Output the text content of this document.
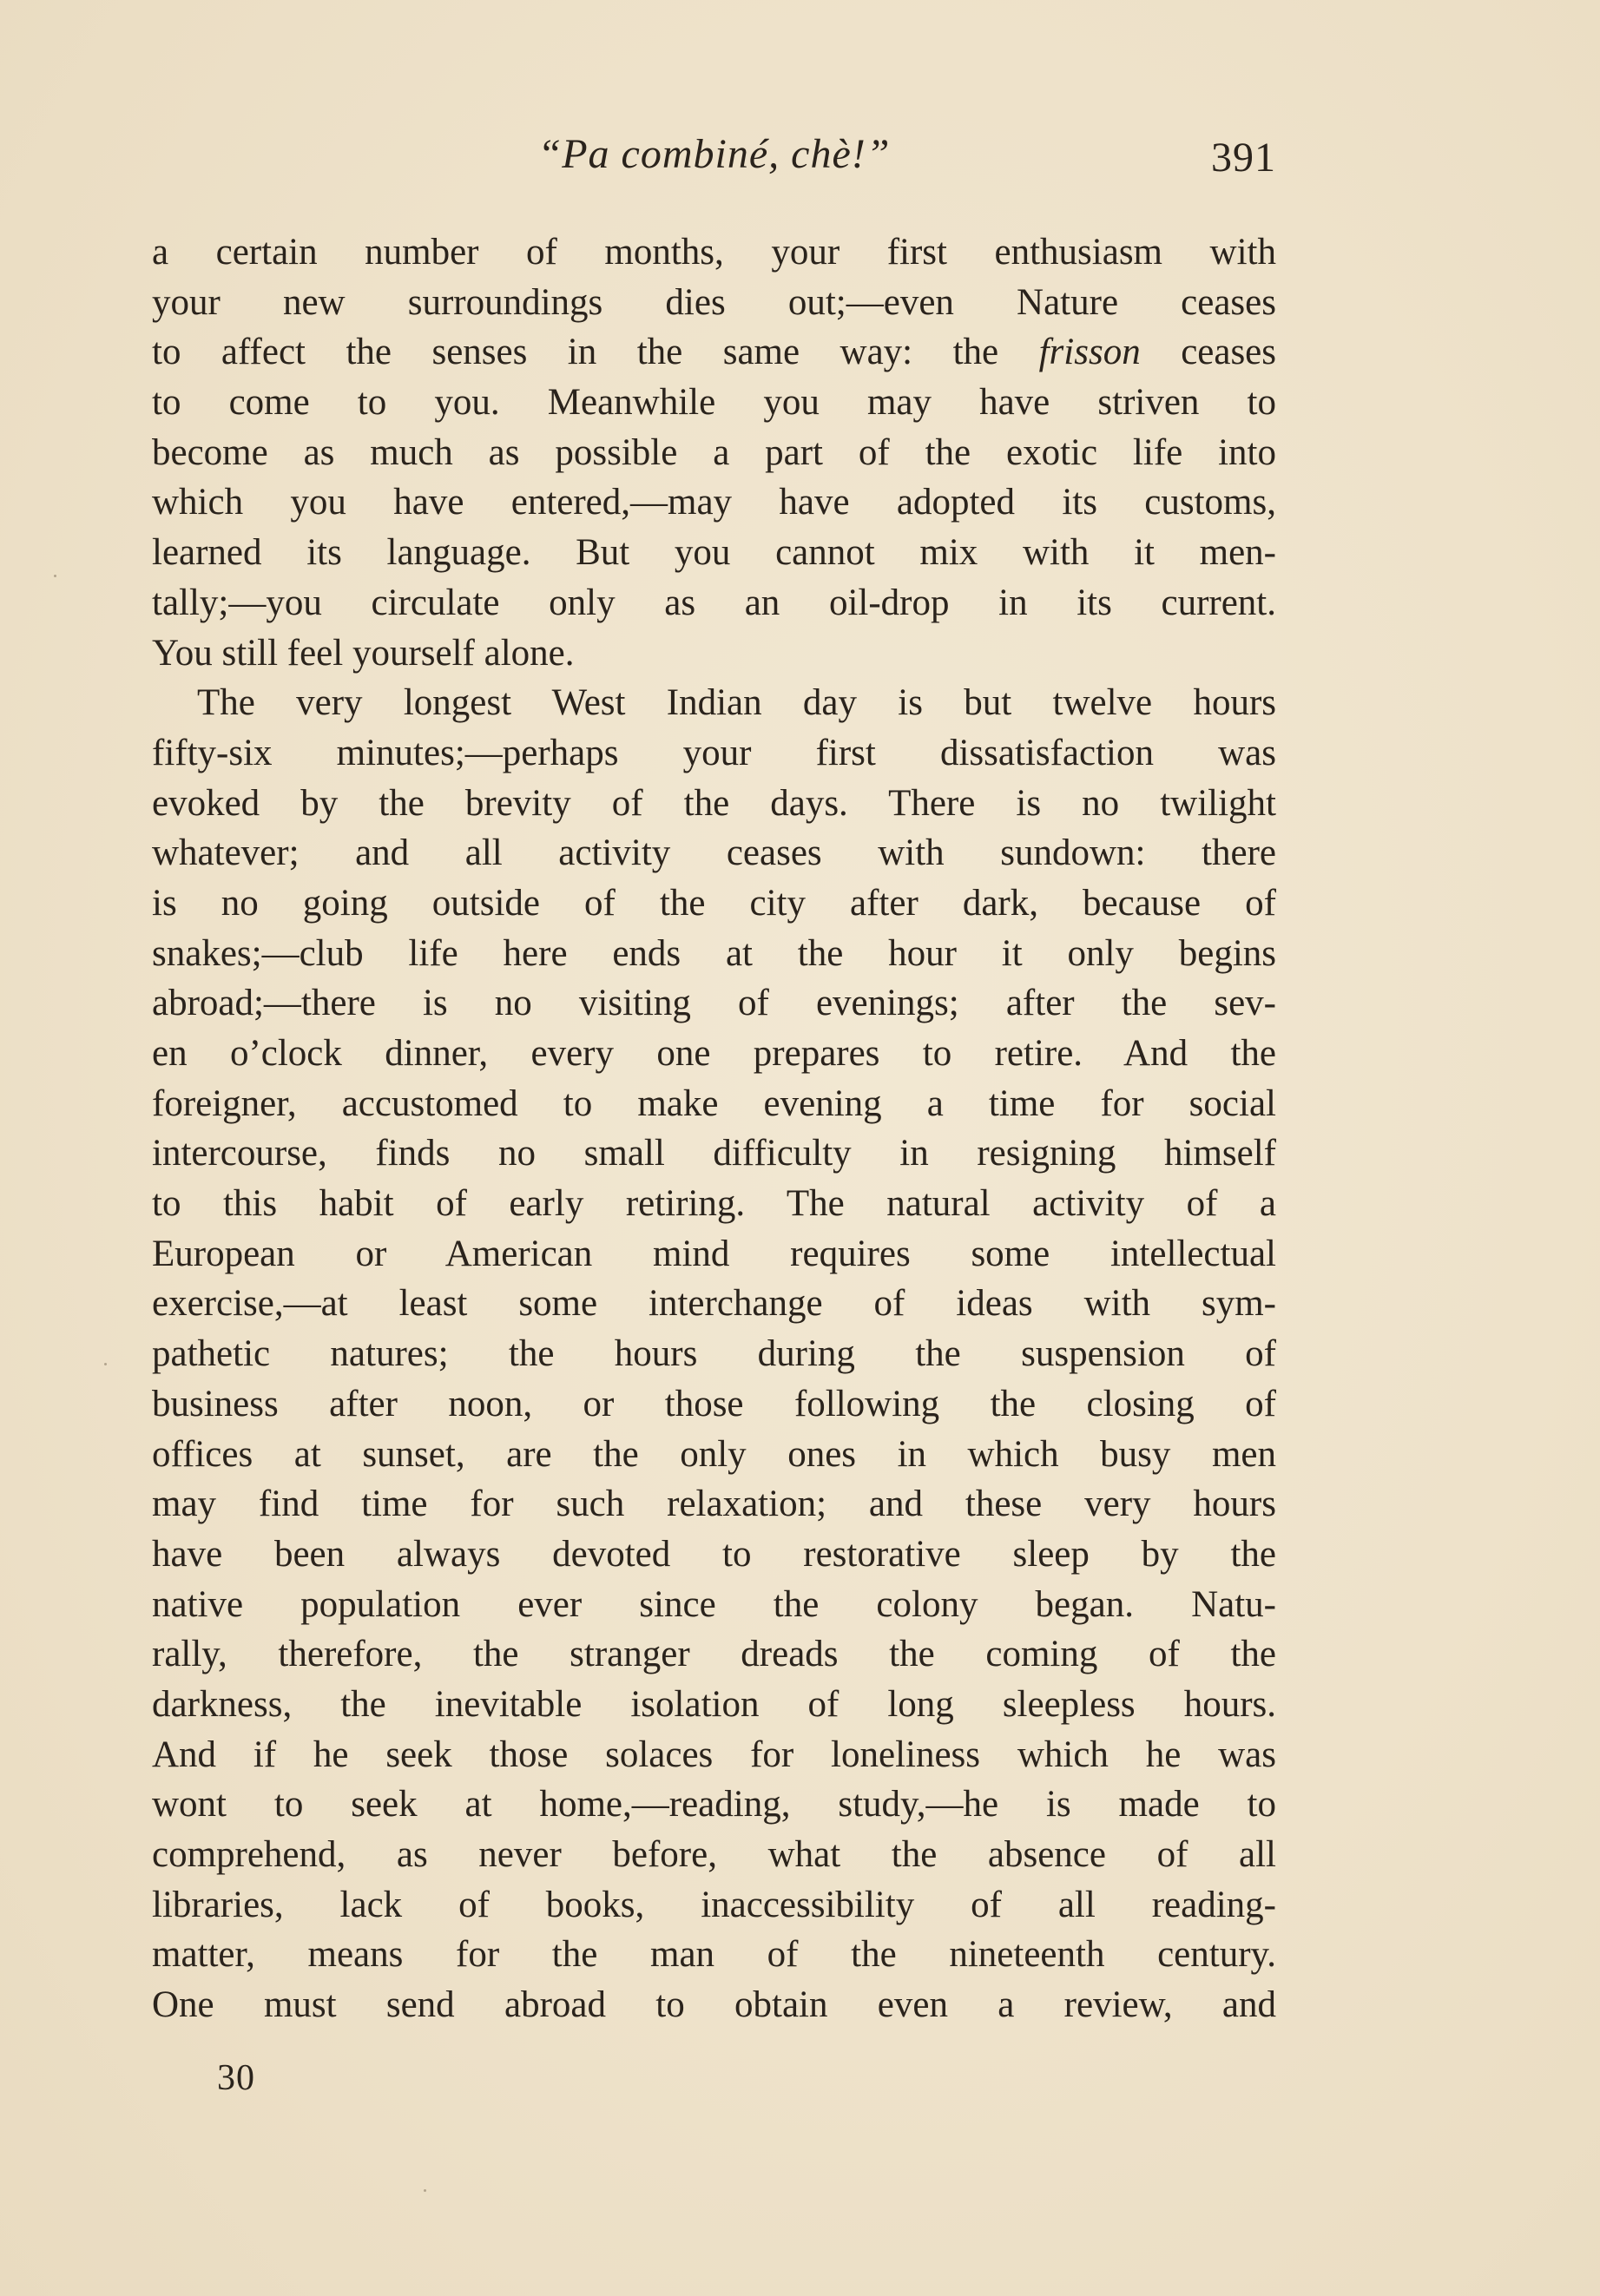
“Pa combiné, chè!”	391
a certain number of months, your first enthusiasm with
your new surroundings dies out;—even Nature ceases
to affect the senses in the same way: the frisson ceases
to come to you. Meanwhile you may have striven to
become as much as possible a part of the exotic life into
which you have entered,—may have adopted its customs,
learned its language. But you cannot mix with it men-
tally;—you circulate only as an oil-drop in its current.
You still feel yourself alone.
The very longest West Indian day is but twelve hours
fifty-six minutes;—perhaps your first dissatisfaction was
evoked by the brevity of the days. There is no twilight
whatever; and all activity ceases with sundown: there
is no going outside of the city after dark, because of
snakes;—club life here ends at the hour it only begins
abroad;—there is no visiting of evenings; after the sev-
en o’clock dinner, every one prepares to retire. And the
foreigner, accustomed to make evening a time for social
intercourse, finds no small difficulty in resigning himself
to this habit of early retiring. The natural activity of a
European or American mind requires some intellectual
exercise,—at least some interchange of ideas with sym-
pathetic natures; the hours during the suspension of
business after noon, or those following the closing of
offices at sunset, are the only ones in which busy men
may find time for such relaxation; and these very hours
have been always devoted to restorative sleep by the
native population ever since the colony began. Natu-
rally, therefore, the stranger dreads the coming of the
darkness, the inevitable isolation of long sleepless hours.
And if he seek those solaces for loneliness which he was
wont to seek at home,—reading, study,—he is made to
comprehend, as never before, what the absence of all
libraries, lack of books, inaccessibility of all reading-
matter, means for the man of the nineteenth century.
One must send abroad to obtain even a review, and
30
